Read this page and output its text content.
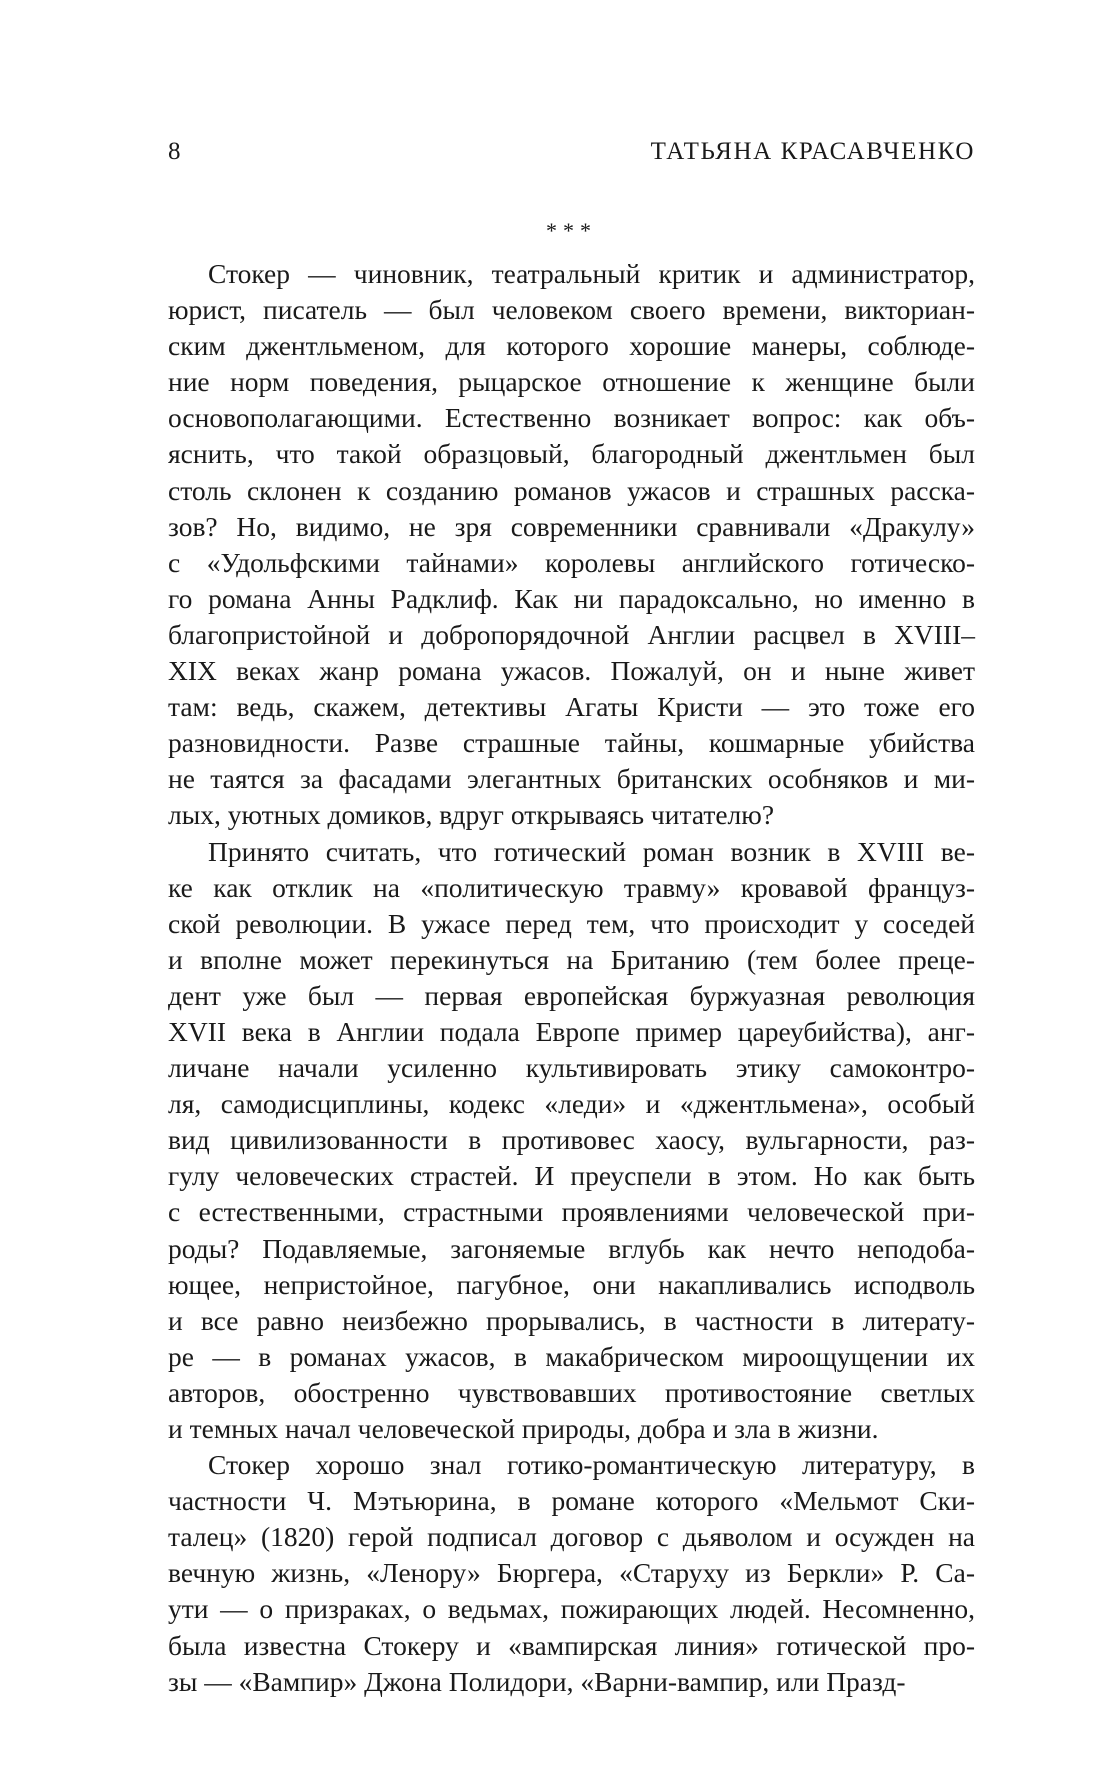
8	ТАТЬЯНА КРАСАВЧЕНКО
***
Стокер — чиновник, театральный критик и администратор,
юрист, писатель — был человеком своего времени, викториан-
ским джентльменом, для которого хорошие манеры, соблюде-
ние норм поведения, рыцарское отношение к женщине были
основополагающими. Естественно возникает вопрос: как объ-
яснить, что такой образцовый, благородный джентльмен был
столь склонен к созданию романов ужасов и страшных расска-
зов? Но, видимо, не зря современники сравнивали «Дракулу»
с «Удольфскими тайнами» королевы английского готическо-
го романа Анны Радклиф. Как ни парадоксально, но именно в
благопристойной и добропорядочной Англии расцвел в XVIII–
XIX веках жанр романа ужасов. Пожалуй, он и ныне живет
там: ведь, скажем, детективы Агаты Кристи — это тоже его
разновидности. Разве страшные тайны, кошмарные убийства
не таятся за фасадами элегантных британских особняков и ми-
лых, уютных домиков, вдруг открываясь читателю?
Принято считать, что готический роман возник в XVIII ве-
ке как отклик на «политическую травму» кровавой француз-
ской революции. В ужасе перед тем, что происходит у соседей
и вполне может перекинуться на Британию (тем более прецe-
дент уже был — первая европейская буржуазная революция
XVII века в Англии подала Европе пример цареубийства), анг-
личане начали усиленно культивировать этику самоконтро-
ля, самодисциплины, кодекс «леди» и «джентльмена», особый
вид цивилизованности в противовес хаосу, вульгарности, раз-
гулу человеческих страстей. И преуспели в этом. Но как быть
с естественными, страстными проявлениями человеческой при-
роды? Подавляемые, загоняемые вглубь как нечто неподоба-
ющее, непристойное, пагубное, они накапливались исподволь
и все равно неизбежно прорывались, в частности в литерату-
ре — в романах ужасов, в макабрическом мироощущении их
авторов, обостренно чувствовавших противостояние светлых
и темных начал человеческой природы, добра и зла в жизни.
Стокер хорошо знал готико-романтическую литературу, в
частности Ч. Мэтьюрина, в романе которого «Мельмот Ски-
талец» (1820) герой подписал договор с дьяволом и осужден на
вечную жизнь, «Ленору» Бюргера, «Старуху из Беркли» Р. Са-
ути — о призраках, о ведьмах, пожирающих людей. Несомненно,
была известна Стокеру и «вампирская линия» готической про-
зы — «Вампир» Джона Полидори, «Варни-вампир, или Празд-
